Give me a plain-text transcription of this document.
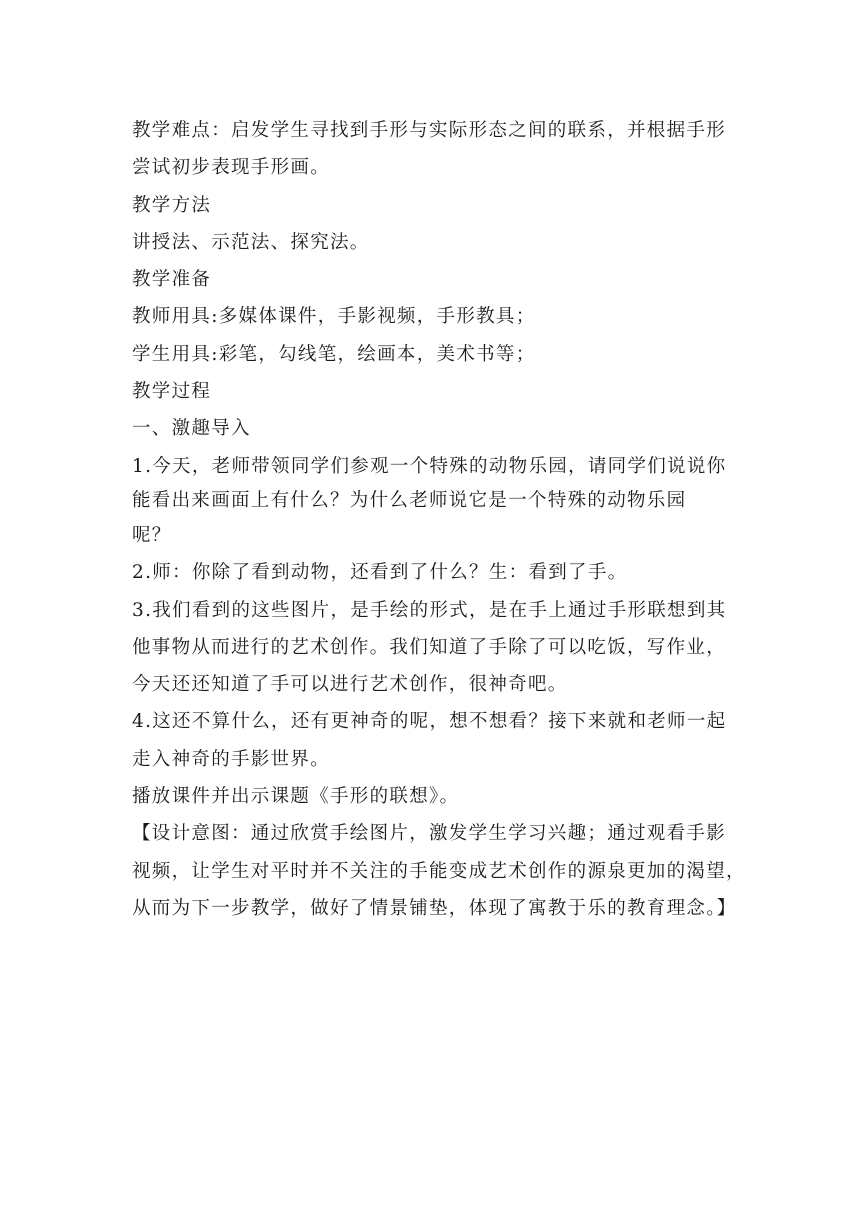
教学难点：启发学生寻找到手形与实际形态之间的联系，并根据手形
尝试初步表现手形画。
教学方法
讲授法、示范法、探究法。
教学准备
教师用具:多媒体课件，手影视频，手形教具；
学生用具:彩笔，勾线笔，绘画本，美术书等；
教学过程
一、激趣导入
1.今天，老师带领同学们参观一个特殊的动物乐园，请同学们说说你
能看出来画面上有什么？为什么老师说它是一个特殊的动物乐园
呢？
2.师：你除了看到动物，还看到了什么？生：看到了手。
3.我们看到的这些图片，是手绘的形式，是在手上通过手形联想到其
他事物从而进行的艺术创作。我们知道了手除了可以吃饭，写作业，
今天还还知道了手可以进行艺术创作，很神奇吧。
4.这还不算什么，还有更神奇的呢，想不想看？接下来就和老师一起
走入神奇的手影世界。
播放课件并出示课题《手形的联想》。
【设计意图：通过欣赏手绘图片，激发学生学习兴趣；通过观看手影
视频，让学生对平时并不关注的手能变成艺术创作的源泉更加的渴望，
从而为下一步教学，做好了情景铺垫，体现了寓教于乐的教育理念。】
